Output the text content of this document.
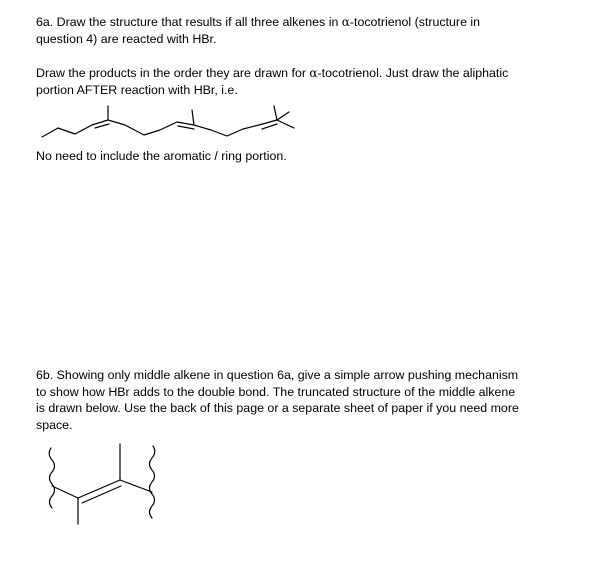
6a. Draw the structure that results if all three alkenes in α-tocotrienol (structure in
question 4) are reacted with HBr.

Draw the products in the order they are drawn for α-tocotrienol. Just draw the aliphatic
portion AFTER reaction with HBr, i.e.

No need to include the aromatic / ring portion.

6b. Showing only middle alkene in question 6a, give a simple arrow pushing mechanism
to show how HBr adds to the double bond. The truncated structure of the middle alkene
is drawn below. Use the back of this page or a separate sheet of paper if you need more
space.
